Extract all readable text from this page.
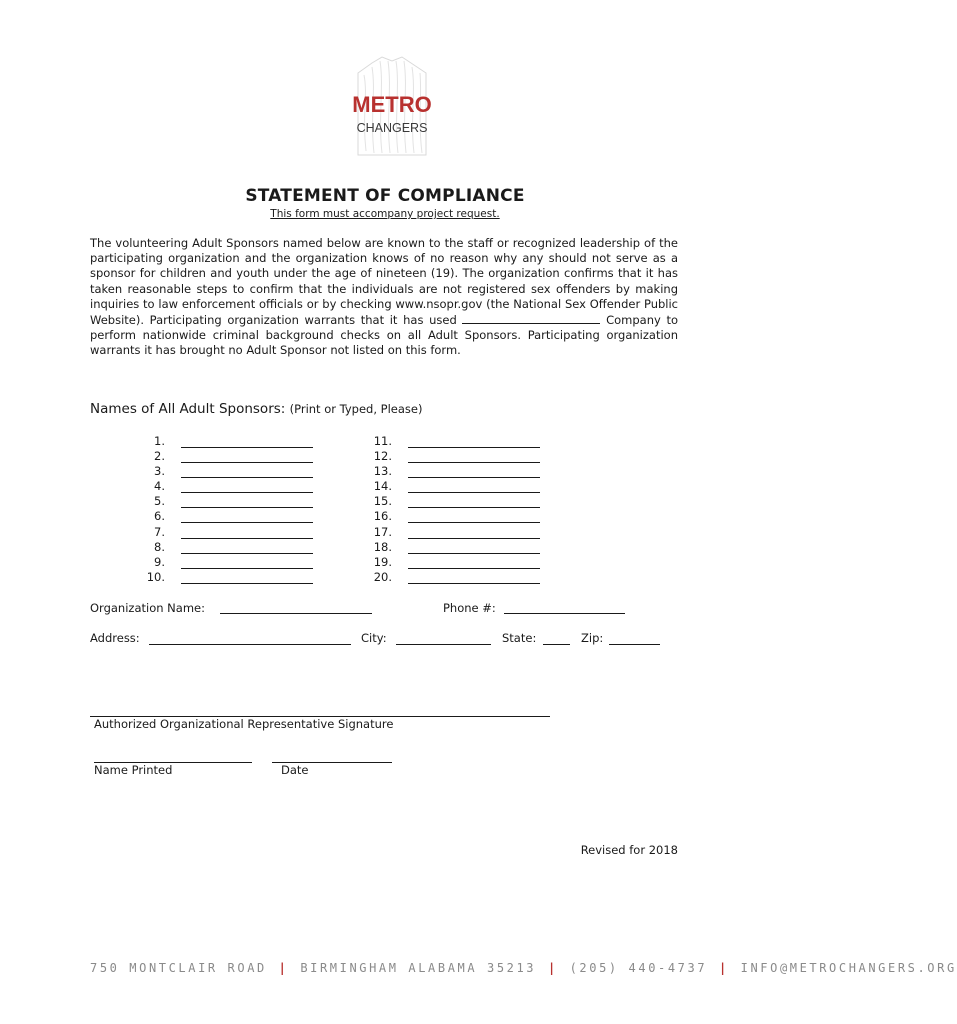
METRO
CHANGERS
STATEMENT OF COMPLIANCE
This form must accompany project request.
The volunteering Adult Sponsors named below are known to the staff or recognized leadership of the participating organization and the organization knows of no reason why any should not serve as a sponsor for children and youth under the age of nineteen (19). The organization confirms that it has taken reasonable steps to confirm that the individuals are not registered sex offenders by making inquiries to law enforcement officials or by checking www.nsopr.gov (the National Sex Offender Public Website). Participating organization warrants that it has used	Company to perform nationwide criminal background checks on all Adult Sponsors. Participating organization warrants it has brought no Adult Sponsor not listed on this form.
Names of All Adult Sponsors: (Print or Typed, Please)
1.
2.
3.
4.
5.
6.
7.
8.
9.
10.
11.
12.
13.
14.
15.
16.
17.
18.
19.
20.
Organization Name:	Phone #:
Address:	City:	State:	Zip:
Authorized Organizational Representative Signature
Name Printed	Date
Revised for 2018
750 MONTCLAIR ROAD | BIRMINGHAM ALABAMA 35213 | (205) 440-4737 | INFO@METROCHANGERS.ORG
